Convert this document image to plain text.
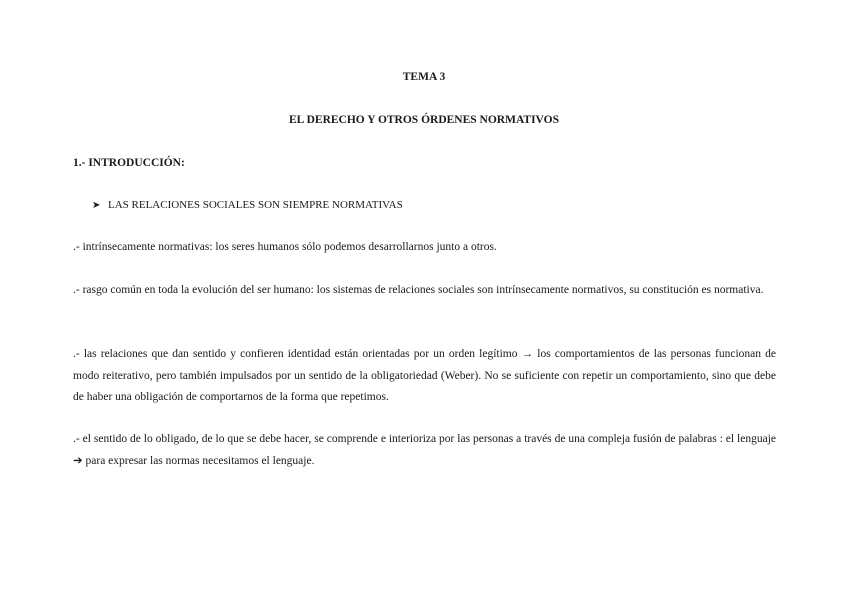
TEMA 3
EL DERECHO Y OTROS ÓRDENES NORMATIVOS
1.- INTRODUCCIÓN:
➤ LAS RELACIONES SOCIALES SON SIEMPRE NORMATIVAS

.- intrínsecamente normativas: los seres humanos sólo podemos desarrollarnos junto a otros.

.- rasgo común en toda la evolución del ser humano: los sistemas de relaciones sociales son intrínsecamente normativos, su constitución es normativa.

.- las relaciones que dan sentido y confieren identidad están orientadas por un orden legítimo → los comportamientos de las personas funcionan de modo reiterativo, pero también impulsados por un sentido de la obligatoriedad (Weber). No se suficiente con repetir un comportamiento, sino que debe de haber una obligación de comportarnos de la forma que repetimos.

.- el sentido de lo obligado, de lo que se debe hacer, se comprende e interioriza por las personas a través de una compleja fusión de palabras : el lenguaje ➔ para expresar las normas necesitamos el lenguaje.
